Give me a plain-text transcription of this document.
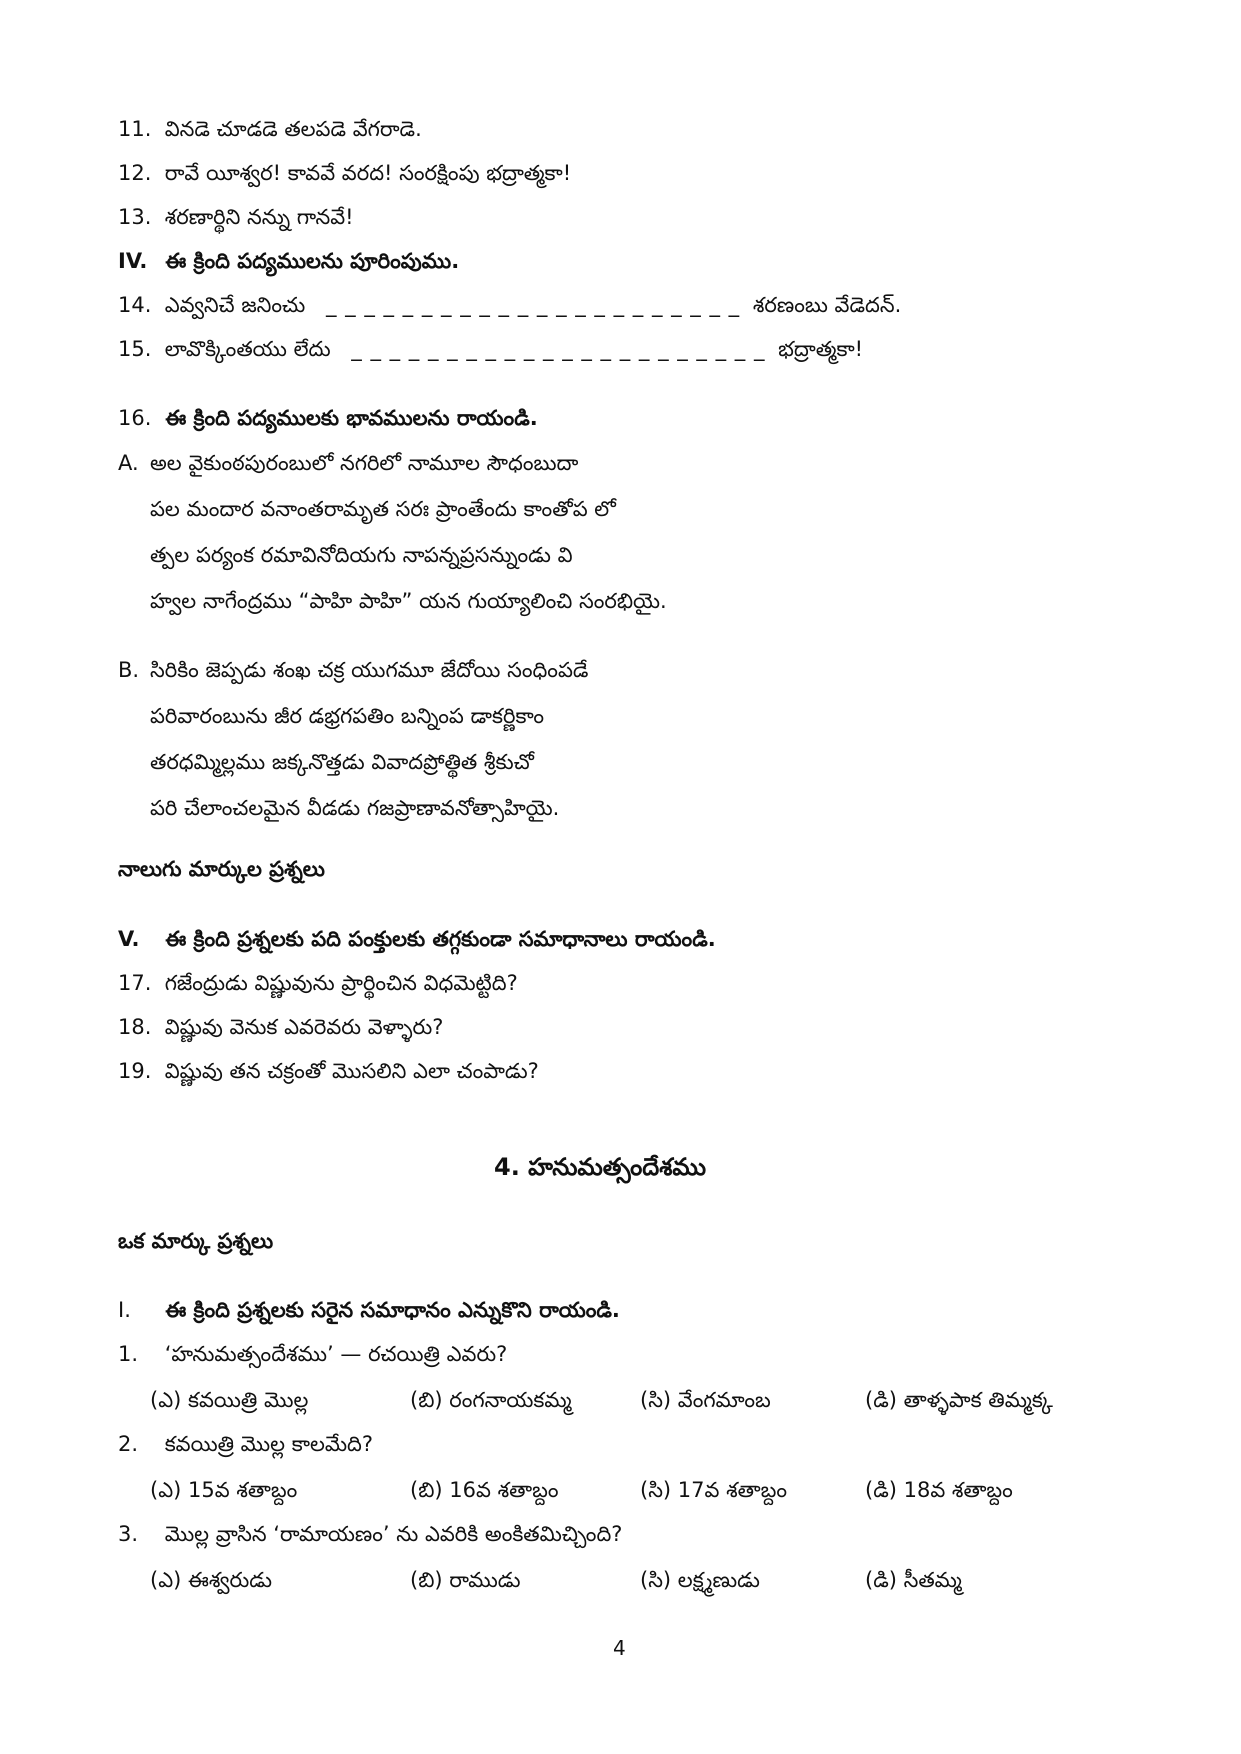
11. వినడె చూడడె తలపడె వేగరాడె.
12. రావే యీశ్వర! కావవే వరద! సంరక్షింపు భద్రాత్మకా!
13. శరణార్థిని నన్ను గానవే!
IV. ఈ క్రింది పద్యములను పూరింపుము.
14. ఎవ్వనిచే జనించు _ _ _ _ _ _ _ _ _ _ _ _ _ _ _ _ _ _ _ _ _ _ శరణంబు వేడెదన్.
15. లావొక్కింతయు లేదు _ _ _ _ _ _ _ _ _ _ _ _ _ _ _ _ _ _ _ _ _ _ భద్రాత్మకా!
16. ఈ క్రింది పద్యములకు భావములను రాయండి.
A. అల వైకుంఠపురంబులో నగరిలో నామూల సౌధంబుదా
పల మందార వనాంతరామృత సరః ప్రాంతేందు కాంతోప లో
త్పల పర్యంక రమావినోదియగు నాపన్నప్రసన్నుండు వి
హ్వల నాగేంద్రము “పాహి పాహి” యన గుయ్యాలించి సంరభియై.
B. సిరికిం జెప్పడు శంఖ చక్ర యుగమూ జేదోయి సంధింపడే
పరివారంబును జీర డభ్రగపతిం బన్నింప డాకర్ణికాం
తరధమ్మిల్లము జక్కనొత్తడు వివాదప్రోత్థిత శ్రీకుచో
పరి చేలాంచలమైన వీడడు గజప్రాణావనోత్సాహియై.
నాలుగు మార్కుల ప్రశ్నలు
V. ఈ క్రింది ప్రశ్నలకు పది పంక్తులకు తగ్గకుండా సమాధానాలు రాయండి.
17. గజేంద్రుడు విష్ణువును ప్రార్థించిన విధమెట్టిది?
18. విష్ణువు వెనుక ఎవరెవరు వెళ్ళారు?
19. విష్ణువు తన చక్రంతో మొసలిని ఎలా చంపాడు?
4. హనుమత్సందేశము
ఒక మార్కు ప్రశ్నలు
I. ఈ క్రింది ప్రశ్నలకు సరైన సమాధానం ఎన్నుకొని రాయండి.
1. ‘హనుమత్సందేశము’ — రచయిత్రి ఎవరు?
(ఎ) కవయిత్రి మొల్ల	(బి) రంగనాయకమ్మ	(సి) వేంగమాంబ	(డి) తాళ్ళపాక తిమ్మక్క
2. కవయిత్రి మొల్ల కాలమేది?
(ఎ) 15వ శతాబ్దం	(బి) 16వ శతాబ్దం	(సి) 17వ శతాబ్దం	(డి) 18వ శతాబ్దం
3. మొల్ల వ్రాసిన ‘రామాయణం’ ను ఎవరికి అంకితమిచ్చింది?
(ఎ) ఈశ్వరుడు	(బి) రాముడు	(సి) లక్ష్మణుడు	(డి) సీతమ్మ
4
